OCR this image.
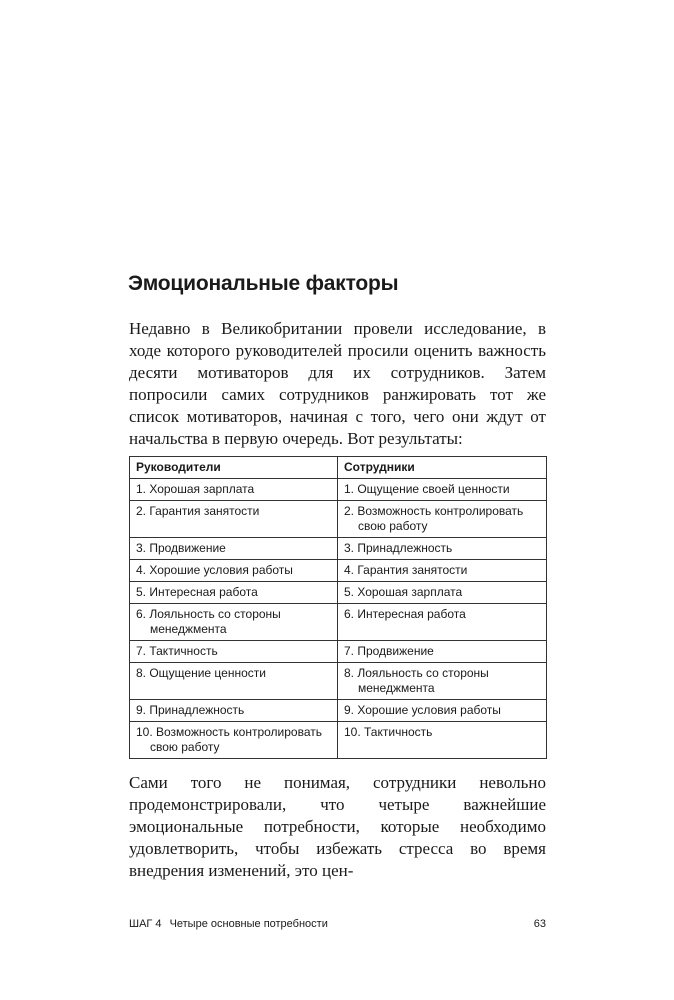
Эмоциональные факторы

Недавно в Великобритании провели исследование, в ходе которого руководителей просили оценить важность десяти мотиваторов для их сотрудников. Затем попросили самих сотрудников ранжировать тот же список мотиваторов, начиная с того, чего они ждут от начальства в первую очередь. Вот результаты:

Руководители	Сотрудники

1. Хорошая зарплата	1. Ощущение своей ценности

2. Гарантия занятости	2. Возможность контролировать свою работу

3. Продвижение	3. Принадлежность

4. Хорошие условия работы	4. Гарантия занятости

5. Интересная работа	5. Хорошая зарплата

6. Лояльность со стороны менеджмента	6. Интересная работа

7. Тактичность	7. Продвижение

8. Ощущение ценности	8. Лояльность со стороны менеджмента

9. Принадлежность	9. Хорошие условия работы

10. Возможность контролировать свою работу	10. Тактичность

Сами того не понимая, сотрудники невольно продемонстрировали, что четыре важнейшие эмоциональные потребности, которые необходимо удовлетворить, чтобы избежать стресса во время внедрения изменений, это цен-

ШАГ 4 Четыре основные потребности	63
